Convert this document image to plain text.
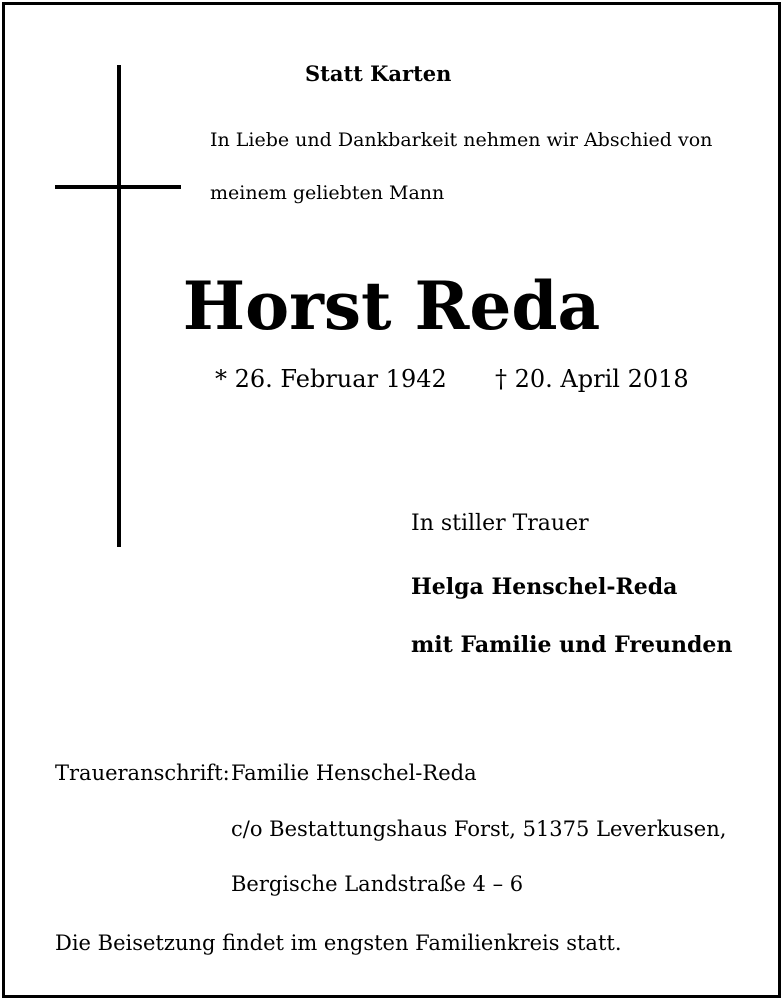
Statt Karten
In Liebe und Dankbarkeit nehmen wir Abschied von
meinem geliebten Mann
Horst Reda
* 26. Februar 1942 † 20. April 2018
In stiller Trauer
Helga Henschel-Reda
mit Familie und Freunden
Traueranschrift: Familie Henschel-Reda
c/o Bestattungshaus Forst, 51375 Leverkusen,
Bergische Landstraße 4 – 6
Die Beisetzung findet im engsten Familienkreis statt.
